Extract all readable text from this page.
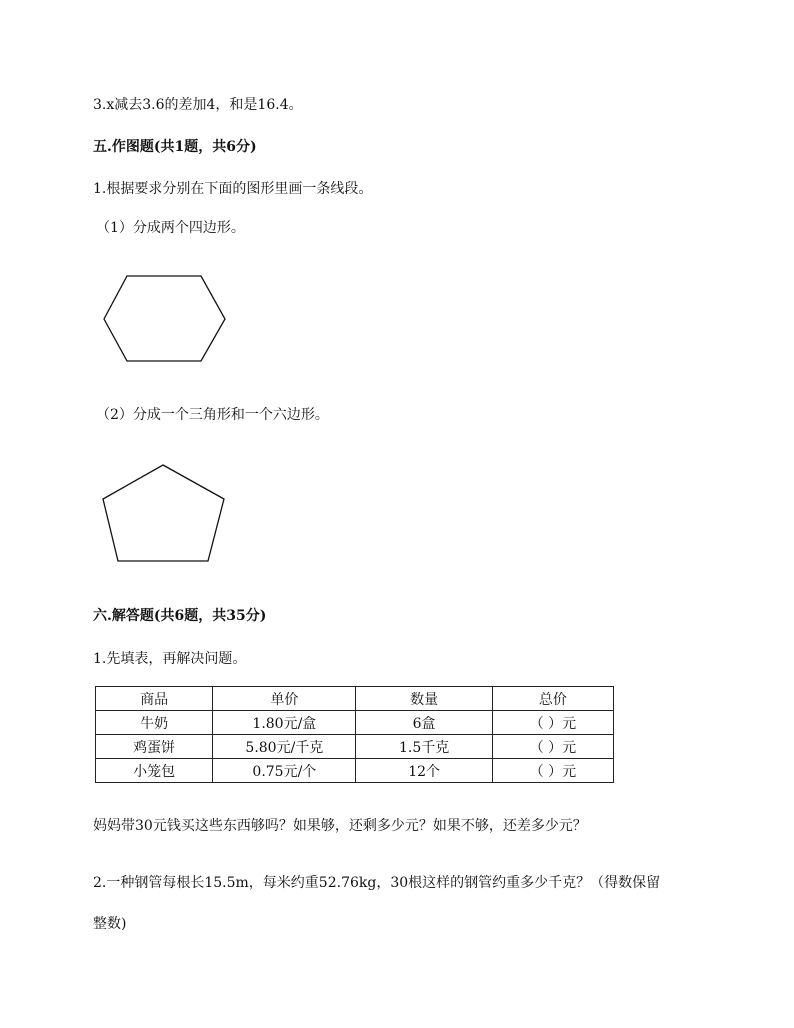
3.x减去3.6的差加4，和是16.4。
五.作图题(共1题，共6分)
1.根据要求分别在下面的图形里画一条线段。
（1）分成两个四边形。
（2）分成一个三角形和一个六边形。
六.解答题(共6题，共35分)
1.先填表，再解决问题。
商品	单价	数量	总价
牛奶	1.80元/盒	6盒	（ ）元
鸡蛋饼	5.80元/千克	1.5千克	（ ）元
小笼包	0.75元/个	12个	（ ）元
妈妈带30元钱买这些东西够吗？如果够，还剩多少元？如果不够，还差多少元？
2.一种钢管每根长15.5m，每米约重52.76kg，30根这样的钢管约重多少千克？（得数保留
整数)
